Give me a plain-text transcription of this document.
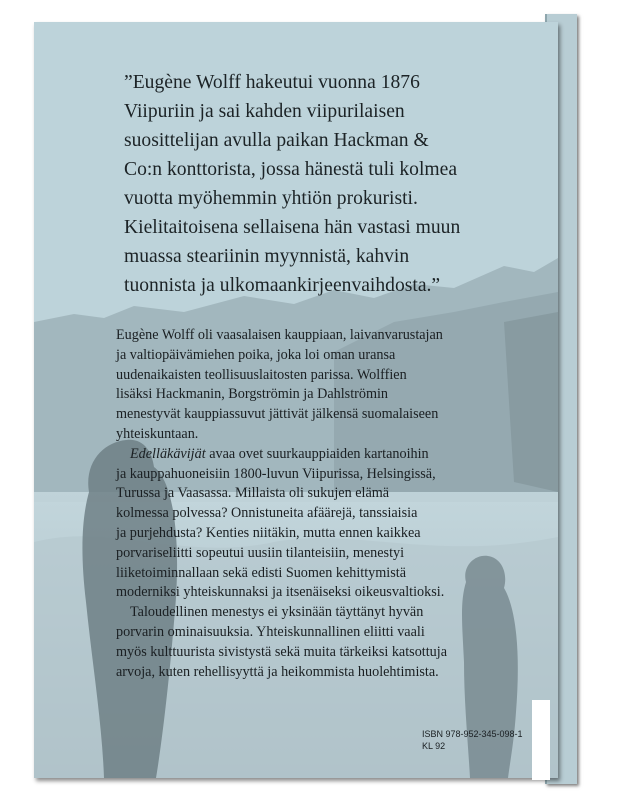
”Eugène Wolff hakeutui vuonna 1876
Viipuriin ja sai kahden viipurilaisen
suosittelijan avulla paikan Hackman &
Co:n konttorista, jossa hänestä tuli kolmea
vuotta myöhemmin yhtiön prokuristi.
Kielitaitoisena sellaisena hän vastasi muun
muassa steariinin myynnistä, kahvin
tuonnista ja ulkomaankirjeenvaihdosta.”

Eugène Wolff oli vaasalaisen kauppiaan, laivanvarustajan
ja valtiopäivämiehen poika, joka loi oman uransa
uudenaikaisten teollisuuslaitosten parissa. Wolffien
lisäksi Hackmanin, Borgströmin ja Dahlströmin
menestyvät kauppiassuvut jättivät jälkensä suomalaiseen
yhteiskuntaan.

Edelläkävijät avaa ovet suurkauppiaiden kartanoihin
ja kauppahuoneisiin 1800-luvun Viipurissa, Helsingissä,
Turussa ja Vaasassa. Millaista oli sukujen elämä
kolmessa polvessa? Onnistuneita afäärejä, tanssiaisia
ja purjehdusta? Kenties niitäkin, mutta ennen kaikkea
porvariseliitti sopeutui uusiin tilanteisiin, menestyi
liiketoiminnallaan sekä edisti Suomen kehittymistä
moderniksi yhteiskunnaksi ja itsenäiseksi oikeusvaltioksi.

Taloudellinen menestys ei yksinään täyttänyt hyvän
porvarin ominaisuuksia. Yhteiskunnallinen eliitti vaali
myös kulttuurista sivistystä sekä muita tärkeiksi katsottuja
arvoja, kuten rehellisyyttä ja heikommista huolehtimista.

ISBN 978-952-345-098-1
KL 92
